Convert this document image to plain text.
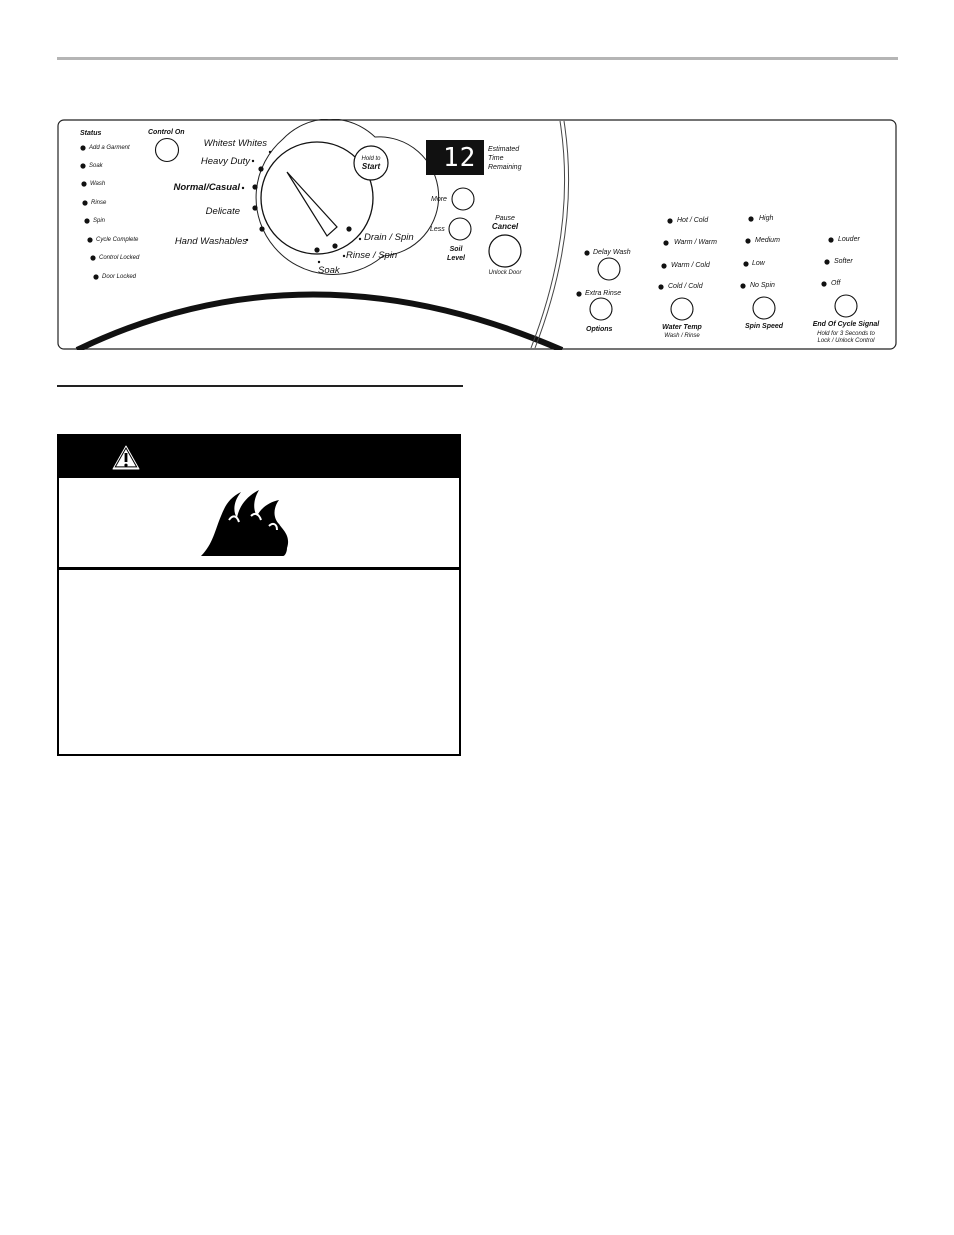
Status
Add a Garment
Soak
Wash
Rinse
Spin
Cycle Complete
Control Locked
Door Locked
Control On
Whitest Whites
Heavy Duty
Normal/Casual
Delicate
Hand Washables	Drain / Spin
Rinse / Spin
Soak
Hold to
Start	12 Estimated
Time
Remaining
More
Less
Soil
Level
Pause
Cancel
Unlock Door
Delay Wash
Extra Rinse
Options
Hot / Cold
Warm / Warm
Warm / Cold
Cold / Cold
Water Temp
Wash / Rinse
High
Medium
Low
No Spin
Spin Speed
Louder
Softer
Off
End Of Cycle Signal
Hold for 3 Seconds to
Lock / Unlock Control
